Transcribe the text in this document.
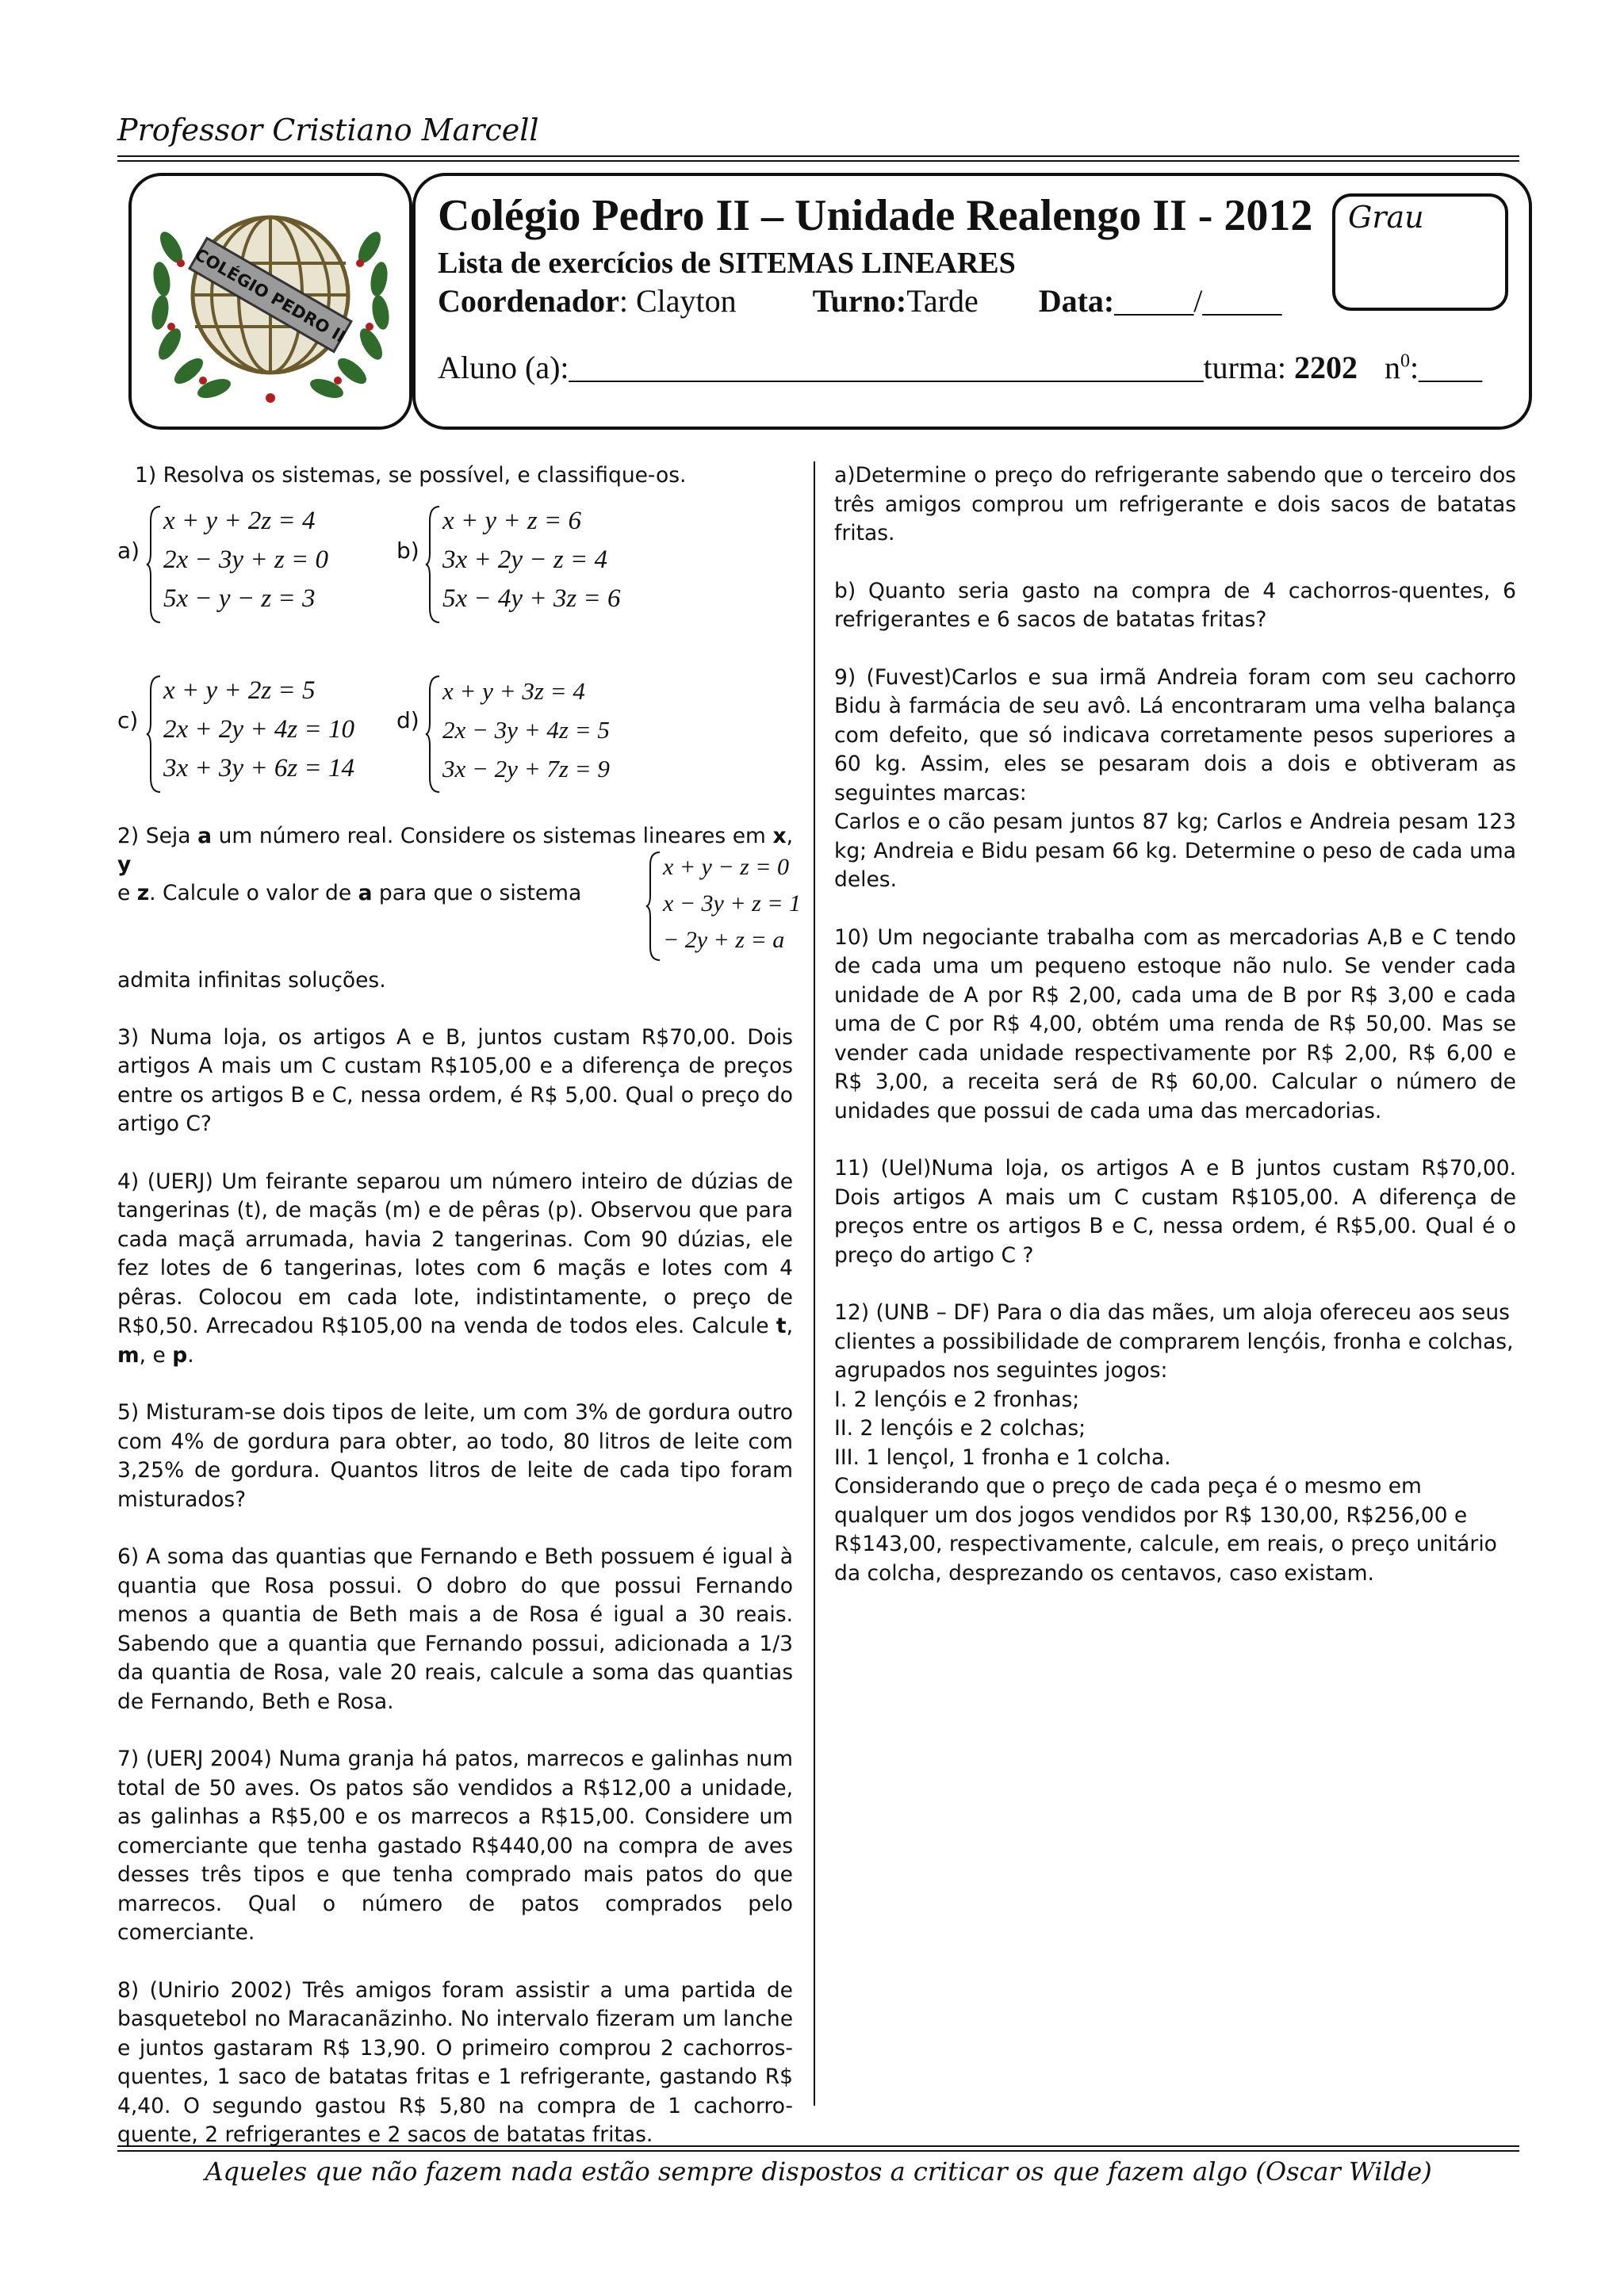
Professor Cristiano Marcell
COLÉGIO PEDRO II
Grau
Colégio Pedro II – Unidade Realengo II - 2012
Lista de exercícios de SITEMAS LINEARES
Coordenador: Clayton Turno:Tarde Data:_____/_____
Aluno (a):________________________________________turma: 2202 $n^0:\_\_\_\_$

1) Resolva os sistemas, se possível, e classifique-os.

a)
x + y + 2z = 4
2x − 3y + z = 0
5x − y − z = 3
b)
x + y + z = 6
3x + 2y − z = 4
5x − 4y + 3z = 6
c)
x + y + 2z = 5
2x + 2y + 4z = 10
3x + 3y + 6z = 14
d)
x + y + 3z = 4
2x − 3y + 4z = 5
3x − 2y + 7z = 9
2) Seja a um número real. Considere os sistemas lineares em x, y
e z. Calcule o valor de a para que o sistema
x + y − z = 0
x − 3y + z = 1
− 2y + z = a
admita infinitas soluções.

3) Numa loja, os artigos A e B, juntos custam R$70,00. Dois artigos A mais um C custam R$105,00 e a diferença de preços entre os artigos B e C, nessa ordem, é R$ 5,00. Qual o preço do artigo C?

4) (UERJ) Um feirante separou um número inteiro de dúzias de tangerinas (t), de maçãs (m) e de pêras (p). Observou que para cada maçã arrumada, havia 2 tangerinas. Com 90 dúzias, ele fez lotes de 6 tangerinas, lotes com 6 maçãs e lotes com 4 pêras. Colocou em cada lote, indistintamente, o preço de R$0,50. Arrecadou R$105,00 na venda de todos eles. Calcule t, m, e p.

5) Misturam-se dois tipos de leite, um com 3% de gordura outro com 4% de gordura para obter, ao todo, 80 litros de leite com 3,25% de gordura. Quantos litros de leite de cada tipo foram misturados?

6) A soma das quantias que Fernando e Beth possuem é igual à quantia que Rosa possui. O dobro do que possui Fernando menos a quantia de Beth mais a de Rosa é igual a 30 reais. Sabendo que a quantia que Fernando possui, adicionada a 1/3 da quantia de Rosa, vale 20 reais, calcule a soma das quantias de Fernando, Beth e Rosa.

7) (UERJ 2004) Numa granja há patos, marrecos e galinhas num total de 50 aves. Os patos são vendidos a R$12,00 a unidade, as galinhas a R$5,00 e os marrecos a R$15,00. Considere um comerciante que tenha gastado R$440,00 na compra de aves desses três tipos e que tenha comprado mais patos do que marrecos. Qual o número de patos comprados pelo comerciante.

8) (Unirio 2002) Três amigos foram assistir a uma partida de basquetebol no Maracanãzinho. No intervalo fizeram um lanche e juntos gastaram R$ 13,90. O primeiro comprou 2 cachorros-quentes, 1 saco de batatas fritas e 1 refrigerante, gastando R$ 4,40. O segundo gastou R$ 5,80 na compra de 1 cachorro-quente, 2 refrigerantes e 2 sacos de batatas fritas.

a)Determine o preço do refrigerante sabendo que o terceiro dos três amigos comprou um refrigerante e dois sacos de batatas fritas.

b) Quanto seria gasto na compra de 4 cachorros-quentes, 6 refrigerantes e 6 sacos de batatas fritas?

9) (Fuvest)Carlos e sua irmã Andreia foram com seu cachorro Bidu à farmácia de seu avô. Lá encontraram uma velha balança com defeito, que só indicava corretamente pesos superiores a 60 kg. Assim, eles se pesaram dois a dois e obtiveram as seguintes marcas:
Carlos e o cão pesam juntos 87 kg; Carlos e Andreia pesam 123 kg; Andreia e Bidu pesam 66 kg. Determine o peso de cada uma deles.

10) Um negociante trabalha com as mercadorias A,B e C tendo de cada uma um pequeno estoque não nulo. Se vender cada unidade de A por R$ 2,00, cada uma de B por R$ 3,00 e cada uma de C por R$ 4,00, obtém uma renda de R$ 50,00. Mas se vender cada unidade respectivamente por R$ 2,00, R$ 6,00 e R$ 3,00, a receita será de R$ 60,00. Calcular o número de unidades que possui de cada uma das mercadorias.

11) (Uel)Numa loja, os artigos A e B juntos custam R$70,00. Dois artigos A mais um C custam R$105,00. A diferença de preços entre os artigos B e C, nessa ordem, é R$5,00. Qual é o preço do artigo C ?

12) (UNB – DF) Para o dia das mães, um aloja ofereceu aos seus clientes a possibilidade de comprarem lençóis, fronha e colchas, agrupados nos seguintes jogos:
I. 2 lençóis e 2 fronhas;
II. 2 lençóis e 2 colchas;
III. 1 lençol, 1 fronha e 1 colcha.
Considerando que o preço de cada peça é o mesmo em qualquer um dos jogos vendidos por R$ 130,00, R$256,00 e R$143,00, respectivamente, calcule, em reais, o preço unitário da colcha, desprezando os centavos, caso existam.
Aqueles que não fazem nada estão sempre dispostos a criticar os que fazem algo (Oscar Wilde)
